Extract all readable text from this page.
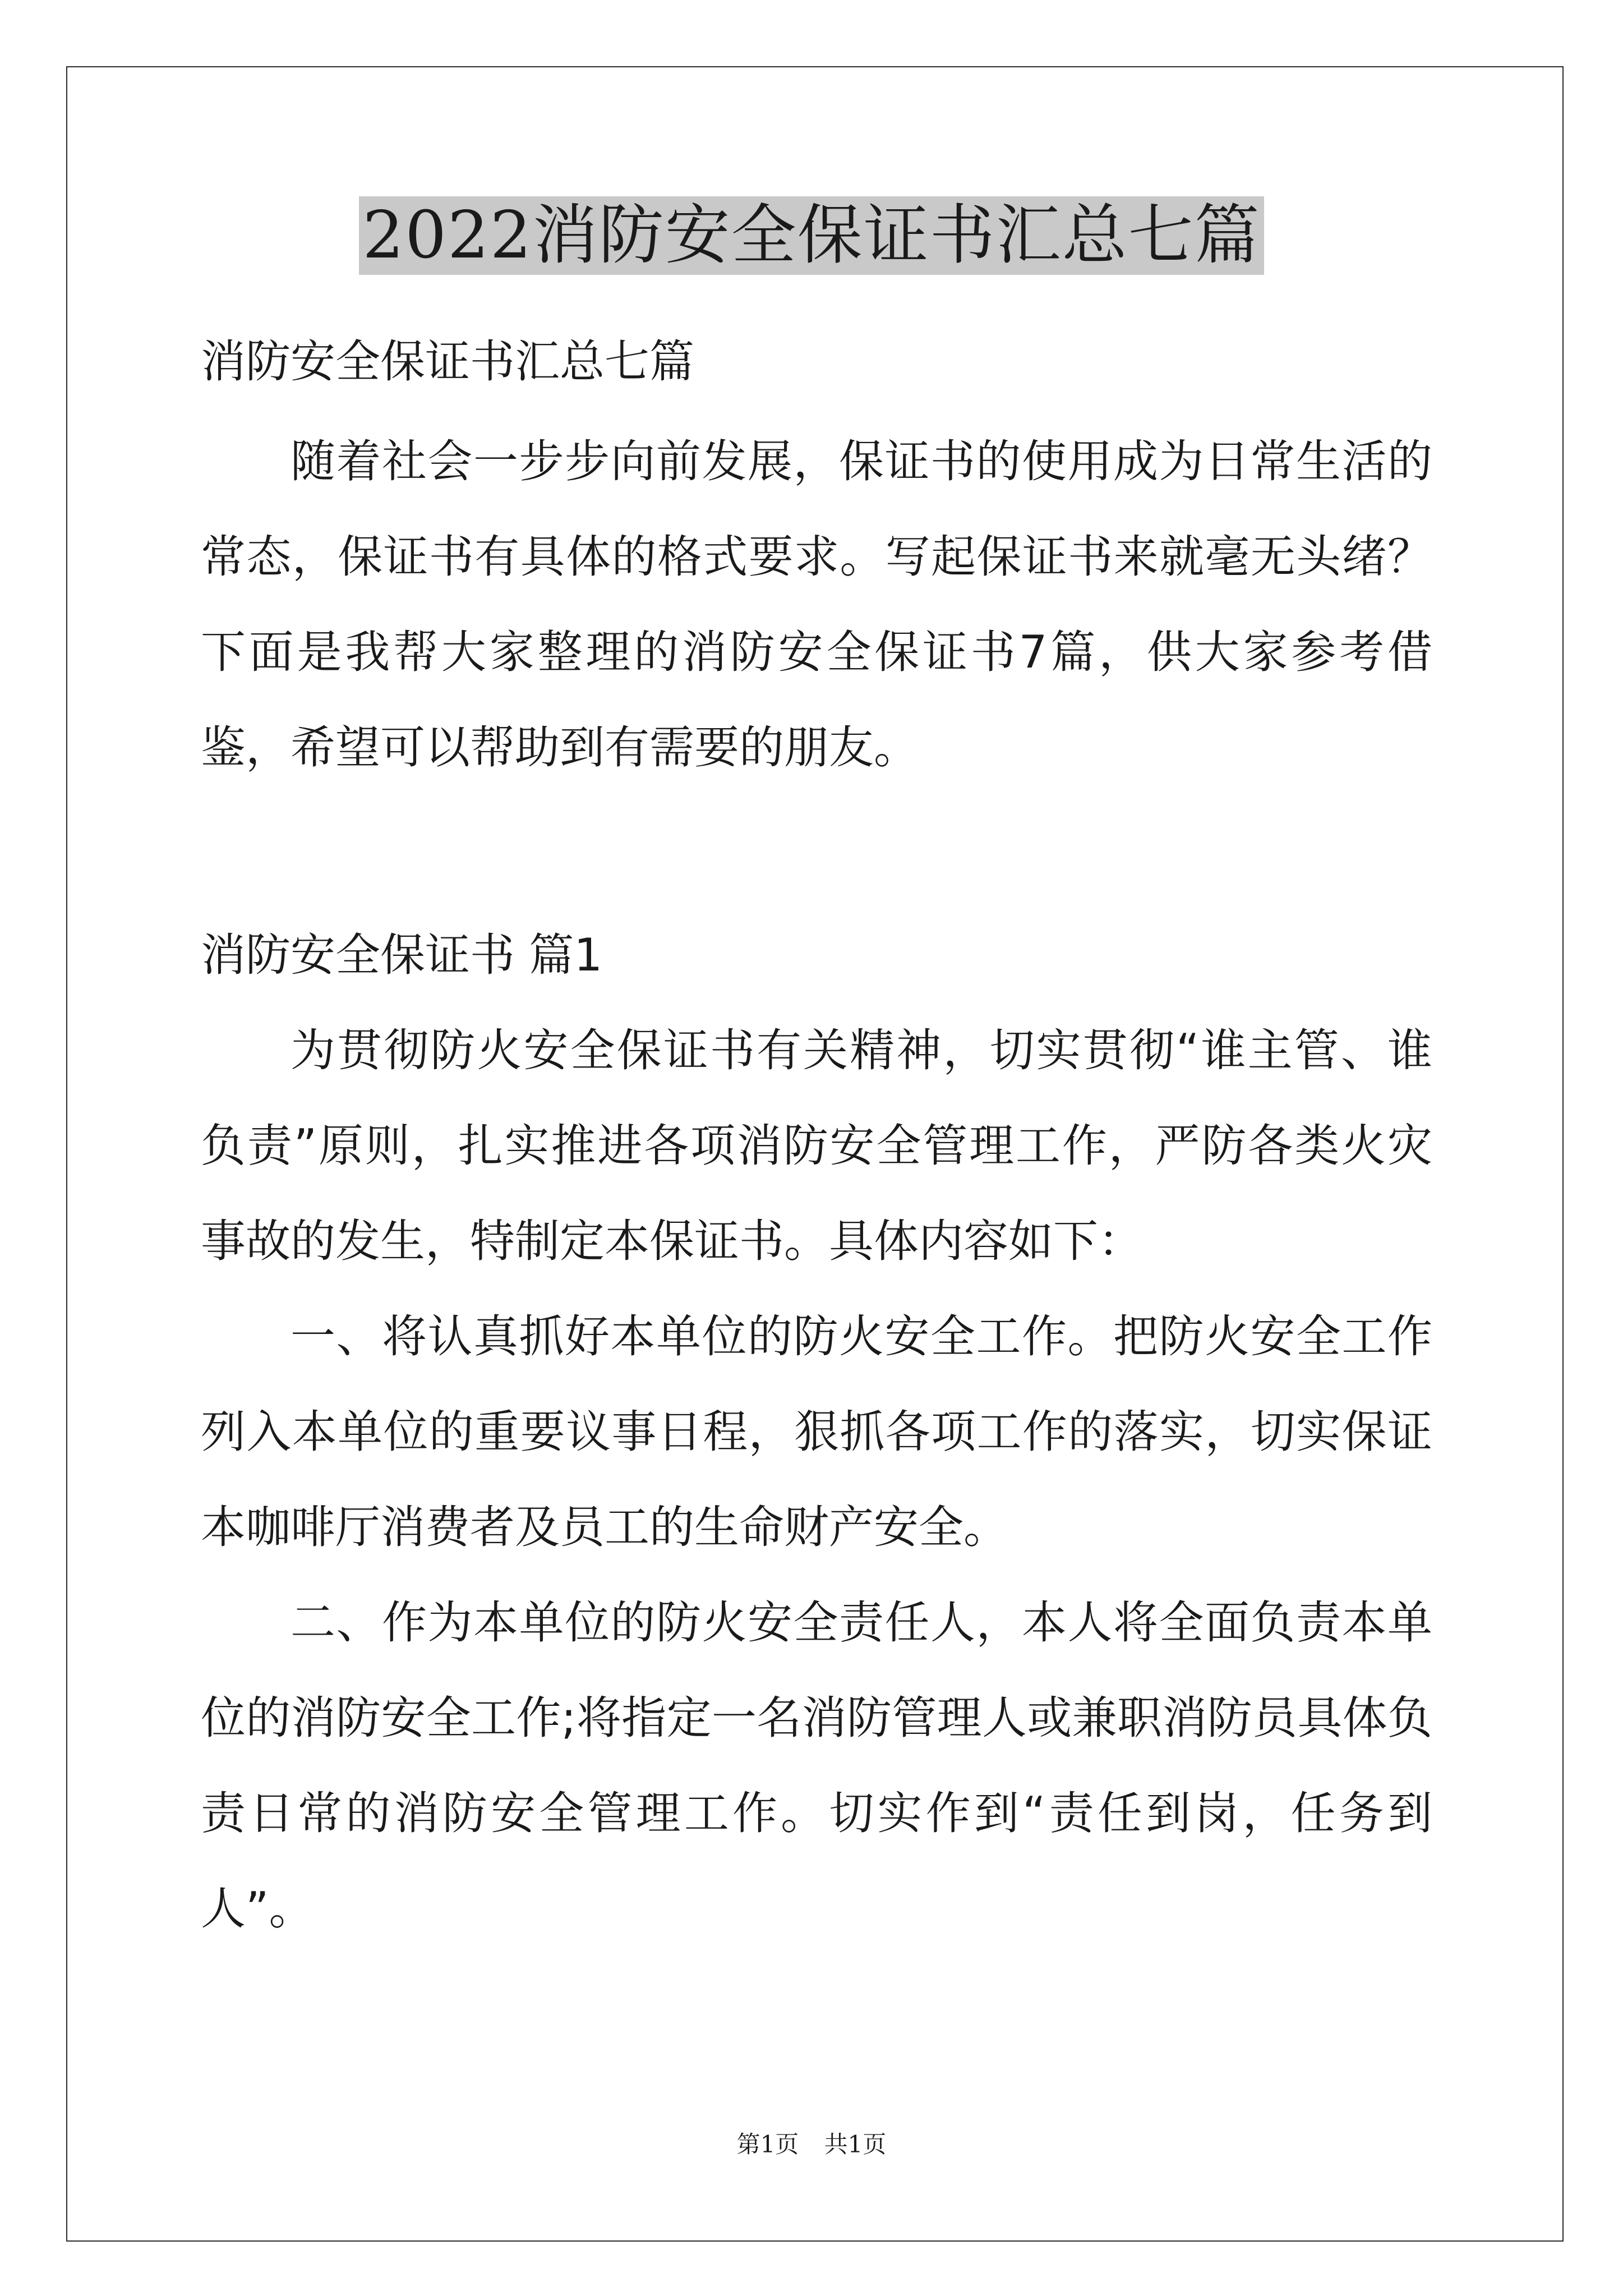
2022消防安全保证书汇总七篇

消防安全保证书汇总七篇

随着社会一步步向前发展，保证书的使用成为日常生活的常态，保证书有具体的格式要求。写起保证书来就毫无头绪？下面是我帮大家整理的消防安全保证书7篇，供大家参考借鉴，希望可以帮助到有需要的朋友。

消防安全保证书 篇1

为贯彻防火安全保证书有关精神，切实贯彻“谁主管、谁负责”原则，扎实推进各项消防安全管理工作，严防各类火灾事故的发生，特制定本保证书。具体内容如下：

一、将认真抓好本单位的防火安全工作。把防火安全工作列入本单位的重要议事日程，狠抓各项工作的落实，切实保证本咖啡厅消费者及员工的生命财产安全。

二、作为本单位的防火安全责任人，本人将全面负责本单位的消防安全工作;将指定一名消防管理人或兼职消防员具体负责日常的消防安全管理工作。切实作到“责任到岗，任务到人”。

第1页 共1页
